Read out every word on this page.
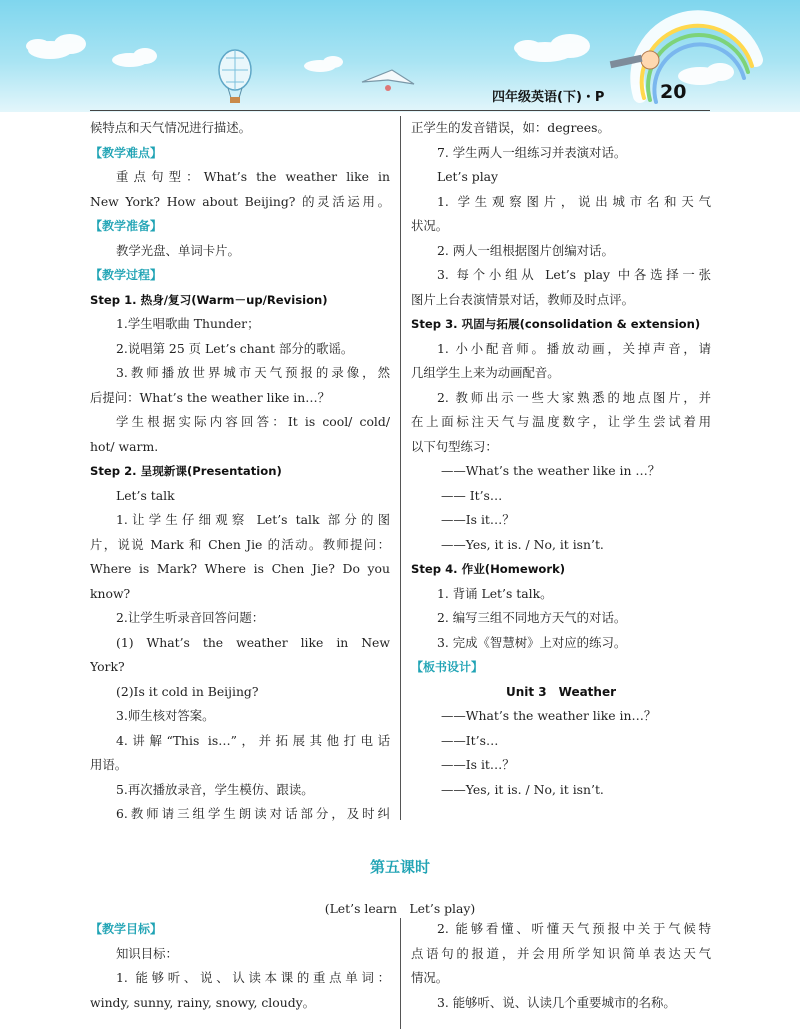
四年级英语(下)・P	20
候特点和天气情况进行描述。
【教学难点】
重点句型：What’s the weather like in
New York? How about Beijing? 的灵活运用。
【教学准备】
教学光盘、单词卡片。
【教学过程】
Step 1. 热身/复习(Warm－up/Revision)
1.学生唱歌曲 Thunder；
2.说唱第 25 页 Let’s chant 部分的歌谣。
3.教师播放世界城市天气预报的录像，然
后提问：What’s the weather like in…？
学生根据实际内容回答：It is cool/ cold/
hot/ warm.
Step 2. 呈现新课(Presentation)
Let’s talk
1.让学生仔细观察 Let’s talk 部分的图
片，说说 Mark 和 Chen Jie 的活动。教师提问：
Where is Mark? Where is Chen Jie? Do you
know?
2.让学生听录音回答问题：
(1) What’s the weather like in New
York?
(2)Is it cold in Beijing?
3.师生核对答案。
4.讲解“This is…”，并拓展其他打电话
用语。
5.再次播放录音，学生模仿、跟读。
6.教师请三组学生朗读对话部分，及时纠
正学生的发音错误，如：degrees。
7. 学生两人一组练习并表演对话。
Let’s play
1. 学生观察图片，说出城市名和天气
状况。
2. 两人一组根据图片创编对话。
3. 每个小组从 Let’s play 中各选择一张
图片上台表演情景对话，教师及时点评。
Step 3. 巩固与拓展(consolidation & extension)
1. 小小配音师。播放动画，关掉声音，请
几组学生上来为动画配音。
2. 教师出示一些大家熟悉的地点图片，并
在上面标注天气与温度数字，让学生尝试着用
以下句型练习：
——What’s the weather like in …？
—— It’s…
——Is it…？
——Yes, it is. / No, it isn’t.
Step 4. 作业(Homework)
1. 背诵 Let’s talk。
2. 编写三组不同地方天气的对话。
3. 完成《智慧树》上对应的练习。
【板书设计】
Unit 3　Weather
——What’s the weather like in…？
——It’s…
——Is it…？
——Yes, it is. / No, it isn’t.
第五课时
(Let’s learn　Let’s play)
【教学目标】
知识目标：
1. 能够听、说、认读本课的重点单词：
windy, sunny, rainy, snowy, cloudy。
2. 能够看懂、听懂天气预报中关于气候特
点语句的报道，并会用所学知识简单表达天气
情况。
3. 能够听、说、认读几个重要城市的名称。
